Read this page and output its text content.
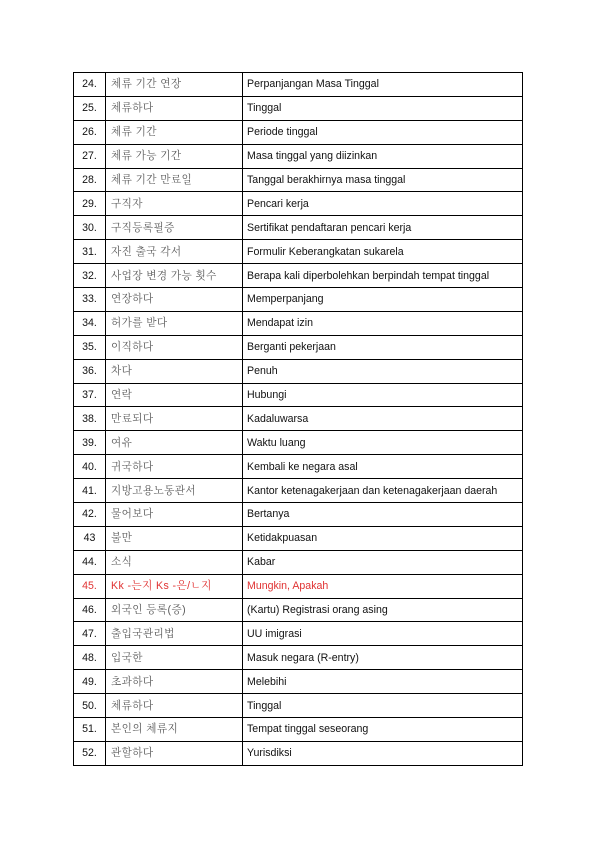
24.	체류 기간 연장	Perpanjangan Masa Tinggal
25.	체류하다	Tinggal
26.	체류 기간	Periode tinggal
27.	체류 가능 기간	Masa tinggal yang diizinkan
28.	체류 기간 만료일	Tanggal berakhirnya masa tinggal
29.	구직자	Pencari kerja
30.	구직등록필증	Sertifikat pendaftaran pencari kerja
31.	자진 출국 각서	Formulir Keberangkatan sukarela
32.	사업장 변경 가능 횟수	Berapa kali diperbolehkan berpindah tempat tinggal
33.	연장하다	Memperpanjang
34.	허가를 받다	Mendapat izin
35.	이직하다	Berganti pekerjaan
36.	차다	Penuh
37.	연락	Hubungi
38.	만료되다	Kadaluwarsa
39.	여유	Waktu luang
40.	귀국하다	Kembali ke negara asal
41.	지방고용노동관서	Kantor ketenagakerjaan dan ketenagakerjaan daerah
42.	물어보다	Bertanya
43	불만	Ketidakpuasan
44.	소식	Kabar
45.	Kk -는지 Ks -은/ㄴ지	Mungkin, Apakah
46.	외국인 등록(증)	(Kartu) Registrasi orang asing
47.	출입국관리법	UU imigrasi
48.	입국한	Masuk negara (R-entry)
49.	초과하다	Melebihi
50.	체류하다	Tinggal
51.	본인의 체류지	Tempat tinggal seseorang
52.	관할하다	Yurisdiksi
